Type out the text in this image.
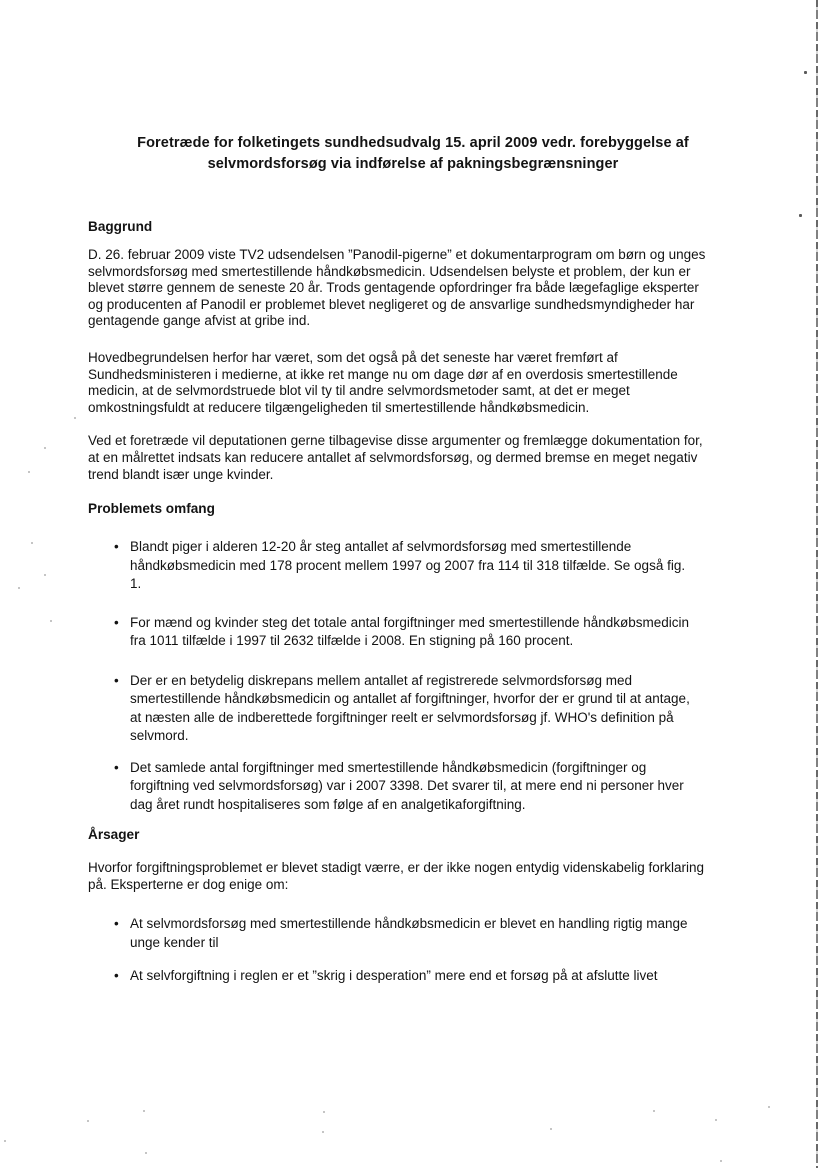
Foretræde for folketingets sundhedsudvalg 15. april 2009 vedr. forebyggelse af selvmordsforsøg via indførelse af pakningsbegrænsninger
Baggrund

D. 26. februar 2009 viste TV2 udsendelsen ”Panodil-pigerne” et dokumentarprogram om børn og unges selvmordsforsøg med smertestillende håndkøbsmedicin. Udsendelsen belyste et problem, der kun er blevet større gennem de seneste 20 år. Trods gentagende opfordringer fra både lægefaglige eksperter og producenten af Panodil er problemet blevet negligeret og de ansvarlige sundhedsmyndigheder har gentagende gange afvist at gribe ind.

Hovedbegrundelsen herfor har været, som det også på det seneste har været fremført af Sundhedsministeren i medierne, at ikke ret mange nu om dage dør af en overdosis smertestillende medicin, at de selvmordstruede blot vil ty til andre selvmordsmetoder samt, at det er meget omkostningsfuldt at reducere tilgængeligheden til smertestillende håndkøbsmedicin.

Ved et foretræde vil deputationen gerne tilbagevise disse argumenter og fremlægge dokumentation for, at en målrettet indsats kan reducere antallet af selvmordsforsøg, og dermed bremse en meget negativ trend blandt især unge kvinder.

Problemets omfang
• Blandt piger i alderen 12-20 år steg antallet af selvmordsforsøg med smertestillende håndkøbsmedicin med 178 procent mellem 1997 og 2007 fra 114 til 318 tilfælde. Se også fig. 1.
• For mænd og kvinder steg det totale antal forgiftninger med smertestillende håndkøbsmedicin fra 1011 tilfælde i 1997 til 2632 tilfælde i 2008. En stigning på 160 procent.
• Der er en betydelig diskrepans mellem antallet af registrerede selvmordsforsøg med smertestillende håndkøbsmedicin og antallet af forgiftninger, hvorfor der er grund til at antage, at næsten alle de indberettede forgiftninger reelt er selvmordsforsøg jf. WHO's definition på selvmord.
• Det samlede antal forgiftninger med smertestillende håndkøbsmedicin (forgiftninger og forgiftning ved selvmordsforsøg) var i 2007 3398. Det svarer til, at mere end ni personer hver dag året rundt hospitaliseres som følge af en analgetikaforgiftning.
Årsager

Hvorfor forgiftningsproblemet er blevet stadigt værre, er der ikke nogen entydig videnskabelig forklaring på. Eksperterne er dog enige om:

• At selvmordsforsøg med smertestillende håndkøbsmedicin er blevet en handling rigtig mange unge kender til
• At selvforgiftning i reglen er et ”skrig i desperation” mere end et forsøg på at afslutte livet
